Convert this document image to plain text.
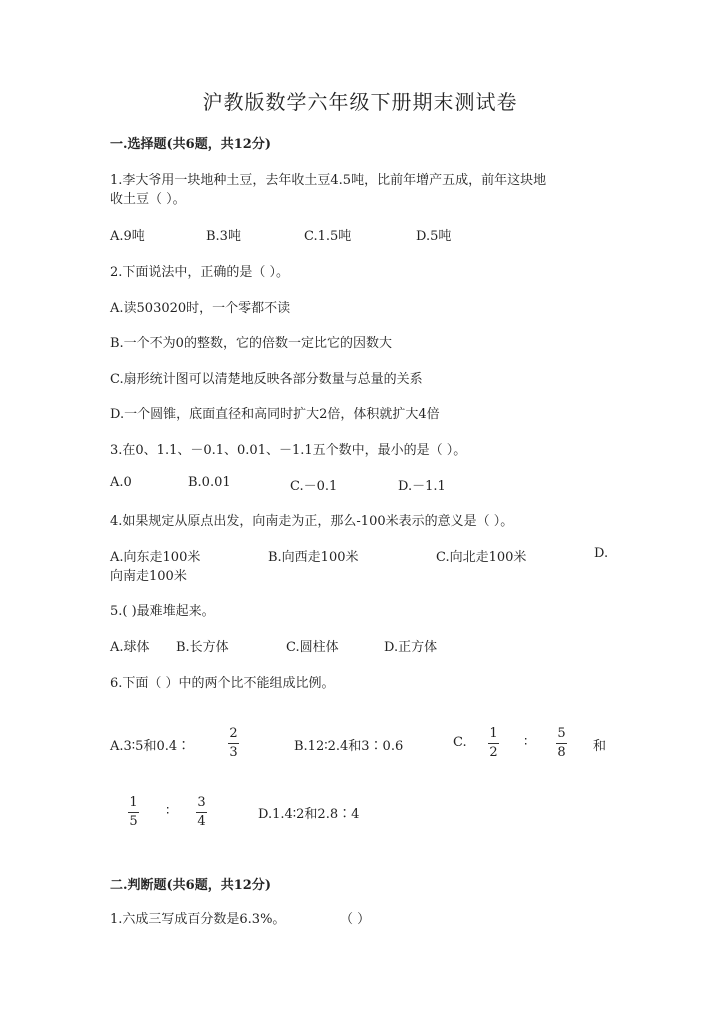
沪教版数学六年级下册期末测试卷
一.选择题(共6题，共12分)
1.李大爷用一块地种土豆，去年收土豆4.5吨，比前年增产五成，前年这块地
收土豆（ ）。
A.9吨	B.3吨	C.1.5吨	D.5吨
2.下面说法中，正确的是（ ）。
A.读503020时，一个零都不读
B.一个不为0的整数，它的倍数一定比它的因数大
C.扇形统计图可以清楚地反映各部分数量与总量的关系
D.一个圆锥，底面直径和高同时扩大2倍，体积就扩大4倍
3.在0、1.1、－0.1、0.01、－1.1五个数中，最小的是（ ）。
A.0	B.0.01	C.－0.1	D.－1.1
4.如果规定从原点出发，向南走为正，那么-100米表示的意义是（ ）。
A.向东走100米	B.向西走100米	C.向北走100米	D.
向南走100米
5.( )最难堆起来。
A.球体 B.长方体	C.圆柱体	D.正方体
6.下面（ ）中的两个比不能组成比例。
A.3∶5和0.4∶
2
3	B.12∶2.4和3∶0.6	C.
1
2
∶
5
8 和
1
5
∶
3
4	D.1.4∶2和2.8∶4
二.判断题(共6题，共12分)
1.六成三写成百分数是6.3%。	（ ）
